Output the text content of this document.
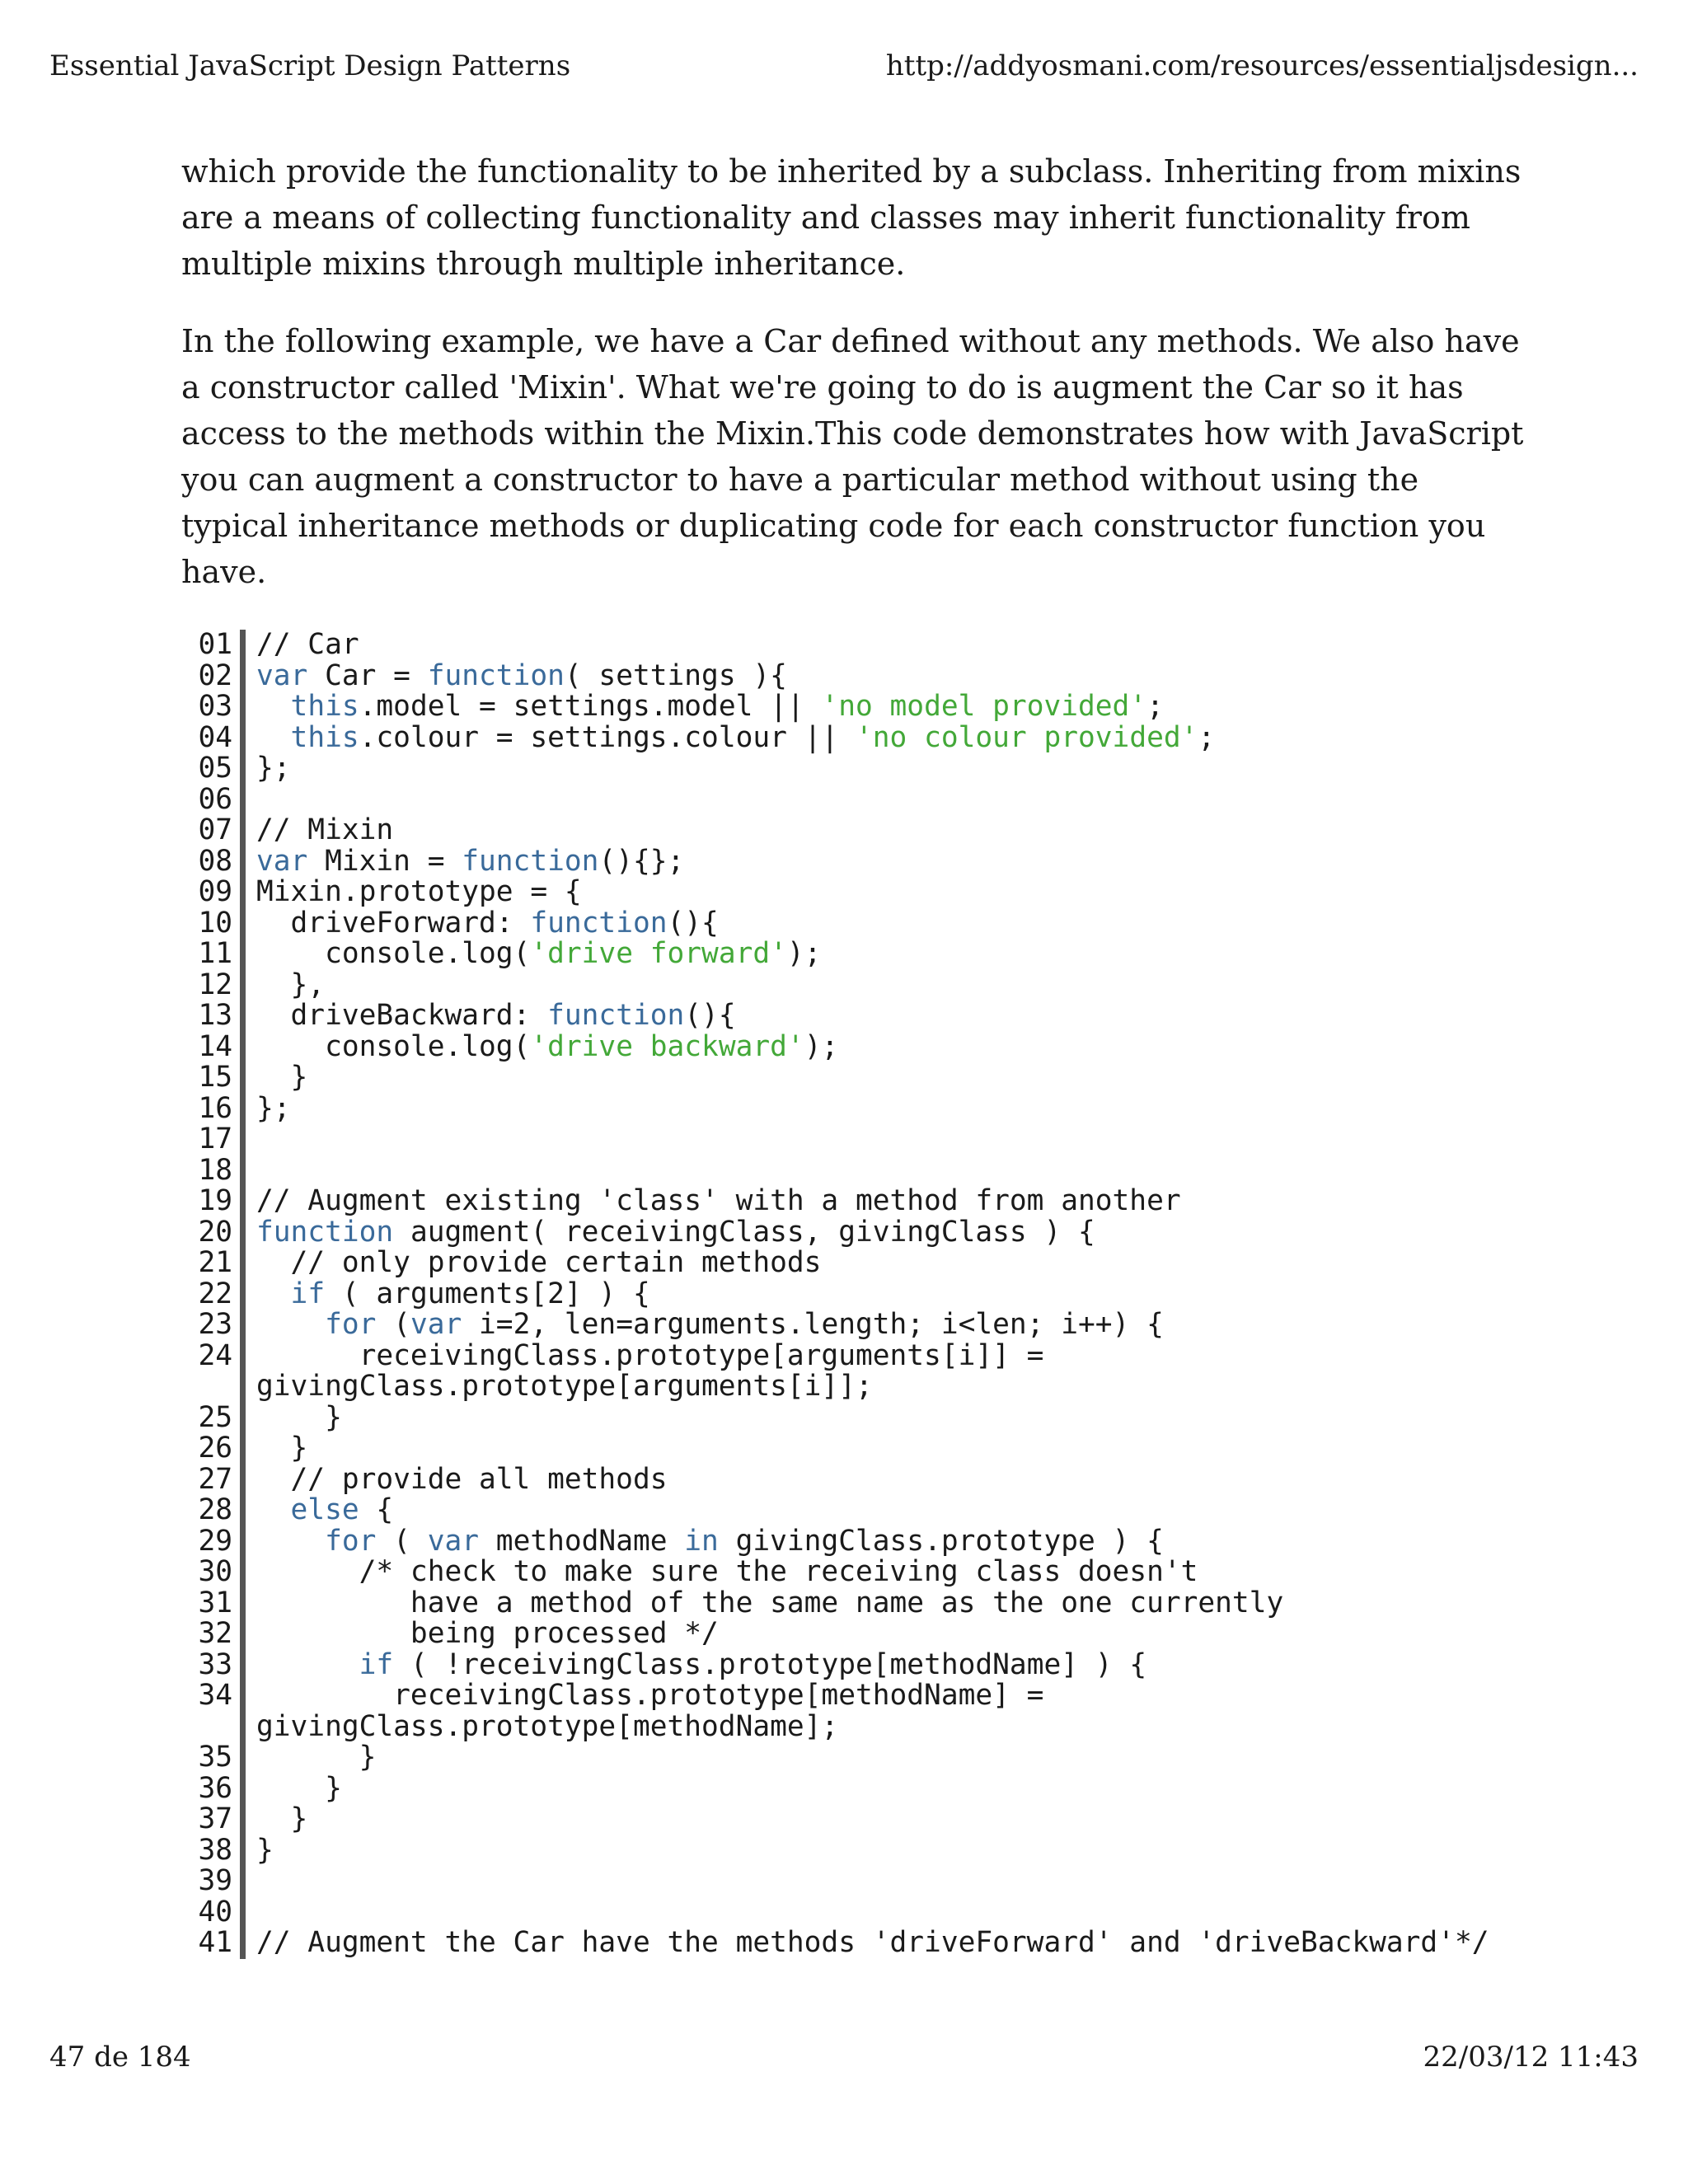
Essential JavaScript Design Patterns	http://addyosmani.com/resources/essentialjsdesign...

which provide the functionality to be inherited by a subclass. Inheriting from mixins are a means of collecting functionality and classes may inherit functionality from multiple mixins through multiple inheritance.

In the following example, we have a Car defined without any methods. We also have a constructor called 'Mixin'. What we're going to do is augment the Car so it has access to the methods within the Mixin.This code demonstrates how with JavaScript you can augment a constructor to have a particular method without using the typical inheritance methods or duplicating code for each constructor function you have.

01
02
03
04
05
06
07
08
09
10
11
12
13
14
15
16
17
18
19
20
21
22
23
24
25
26
27
28
29
30
31
32
33
34
35
36
37
38
39
40
41
// Car
var Car = function( settings ){
this.model = settings.model || 'no model provided';
this.colour = settings.colour || 'no colour provided';
};
// Mixin
var Mixin = function(){};
Mixin.prototype = {
driveForward: function(){
console.log('drive forward');
},
driveBackward: function(){
console.log('drive backward');
}
};
// Augment existing 'class' with a method from another
function augment( receivingClass, givingClass ) {
// only provide certain methods
if ( arguments[2] ) {
for (var i=2, len=arguments.length; i<len; i++) {
receivingClass.prototype[arguments[i]] =
givingClass.prototype[arguments[i]];
}
}
// provide all methods
else {
for ( var methodName in givingClass.prototype ) {
/* check to make sure the receiving class doesn't
have a method of the same name as the one currently
being processed */
if ( !receivingClass.prototype[methodName] ) {
receivingClass.prototype[methodName] =
givingClass.prototype[methodName];
}
}
}
}
// Augment the Car have the methods 'driveForward' and 'driveBackward'*/
47 de 184	22/03/12 11:43
